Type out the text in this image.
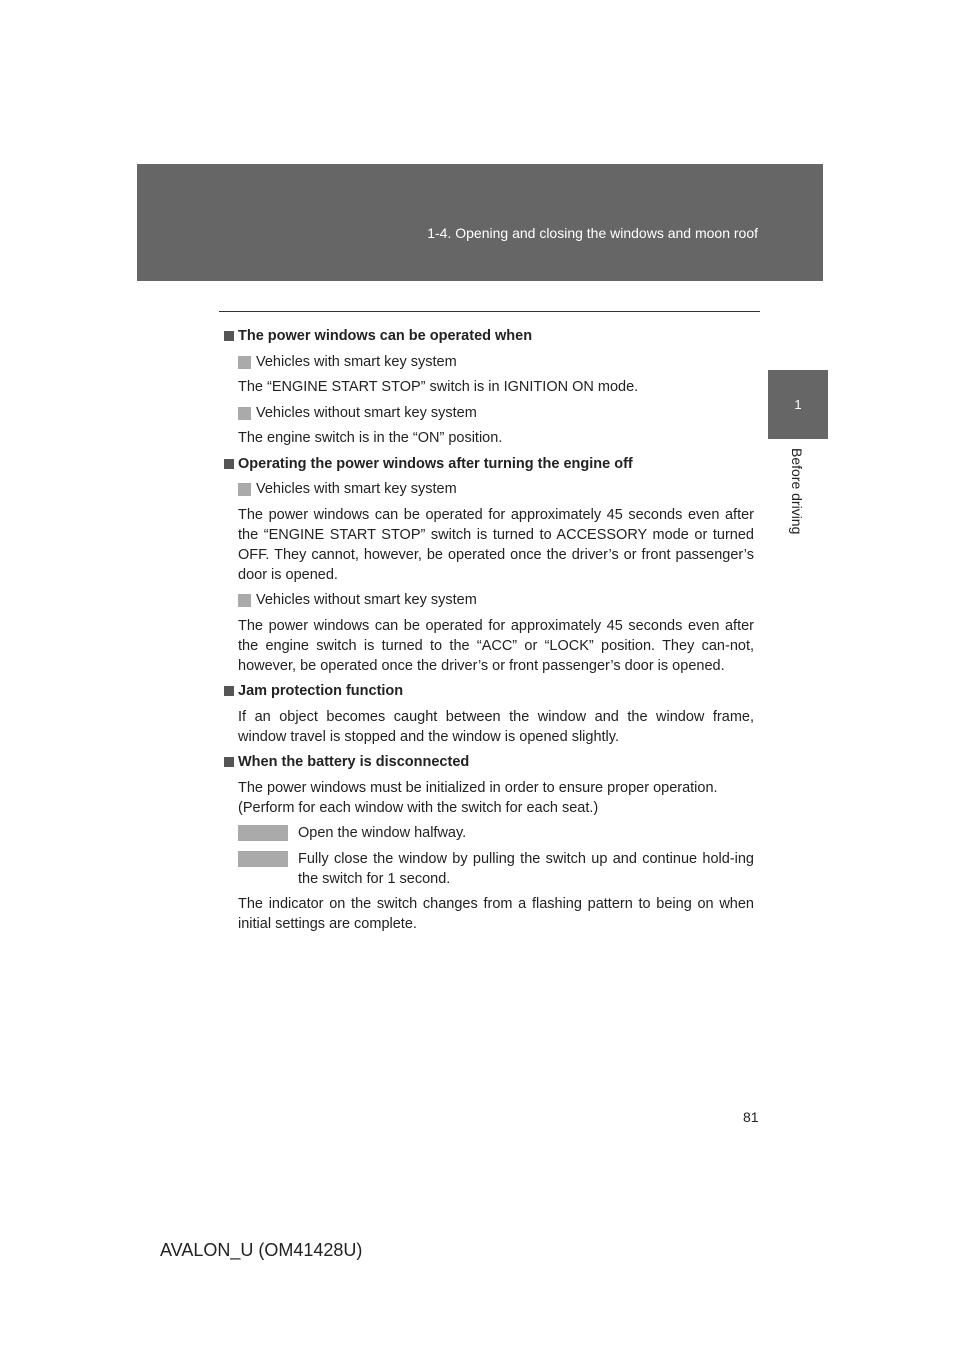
1-4. Opening and closing the windows and moon roof
1
Before driving
The power windows can be operated when
Vehicles with smart key system
The “ENGINE START STOP” switch is in IGNITION ON mode.
Vehicles without smart key system
The engine switch is in the “ON” position.
Operating the power windows after turning the engine off
Vehicles with smart key system
The power windows can be operated for approximately 45 seconds even after the “ENGINE START STOP” switch is turned to ACCESSORY mode or turned OFF. They cannot, however, be operated once the driver’s or front passenger’s door is opened.
Vehicles without smart key system
The power windows can be operated for approximately 45 seconds even after the engine switch is turned to the “ACC” or “LOCK” position. They can-not, however, be operated once the driver’s or front passenger’s door is opened.
Jam protection function
If an object becomes caught between the window and the window frame, window travel is stopped and the window is opened slightly.
When the battery is disconnected
The power windows must be initialized in order to ensure proper operation.
(Perform for each window with the switch for each seat.)
Open the window halfway.
Fully close the window by pulling the switch up and continue hold-ing the switch for 1 second.
The indicator on the switch changes from a flashing pattern to being on when initial settings are complete.
81
AVALON_U (OM41428U)
